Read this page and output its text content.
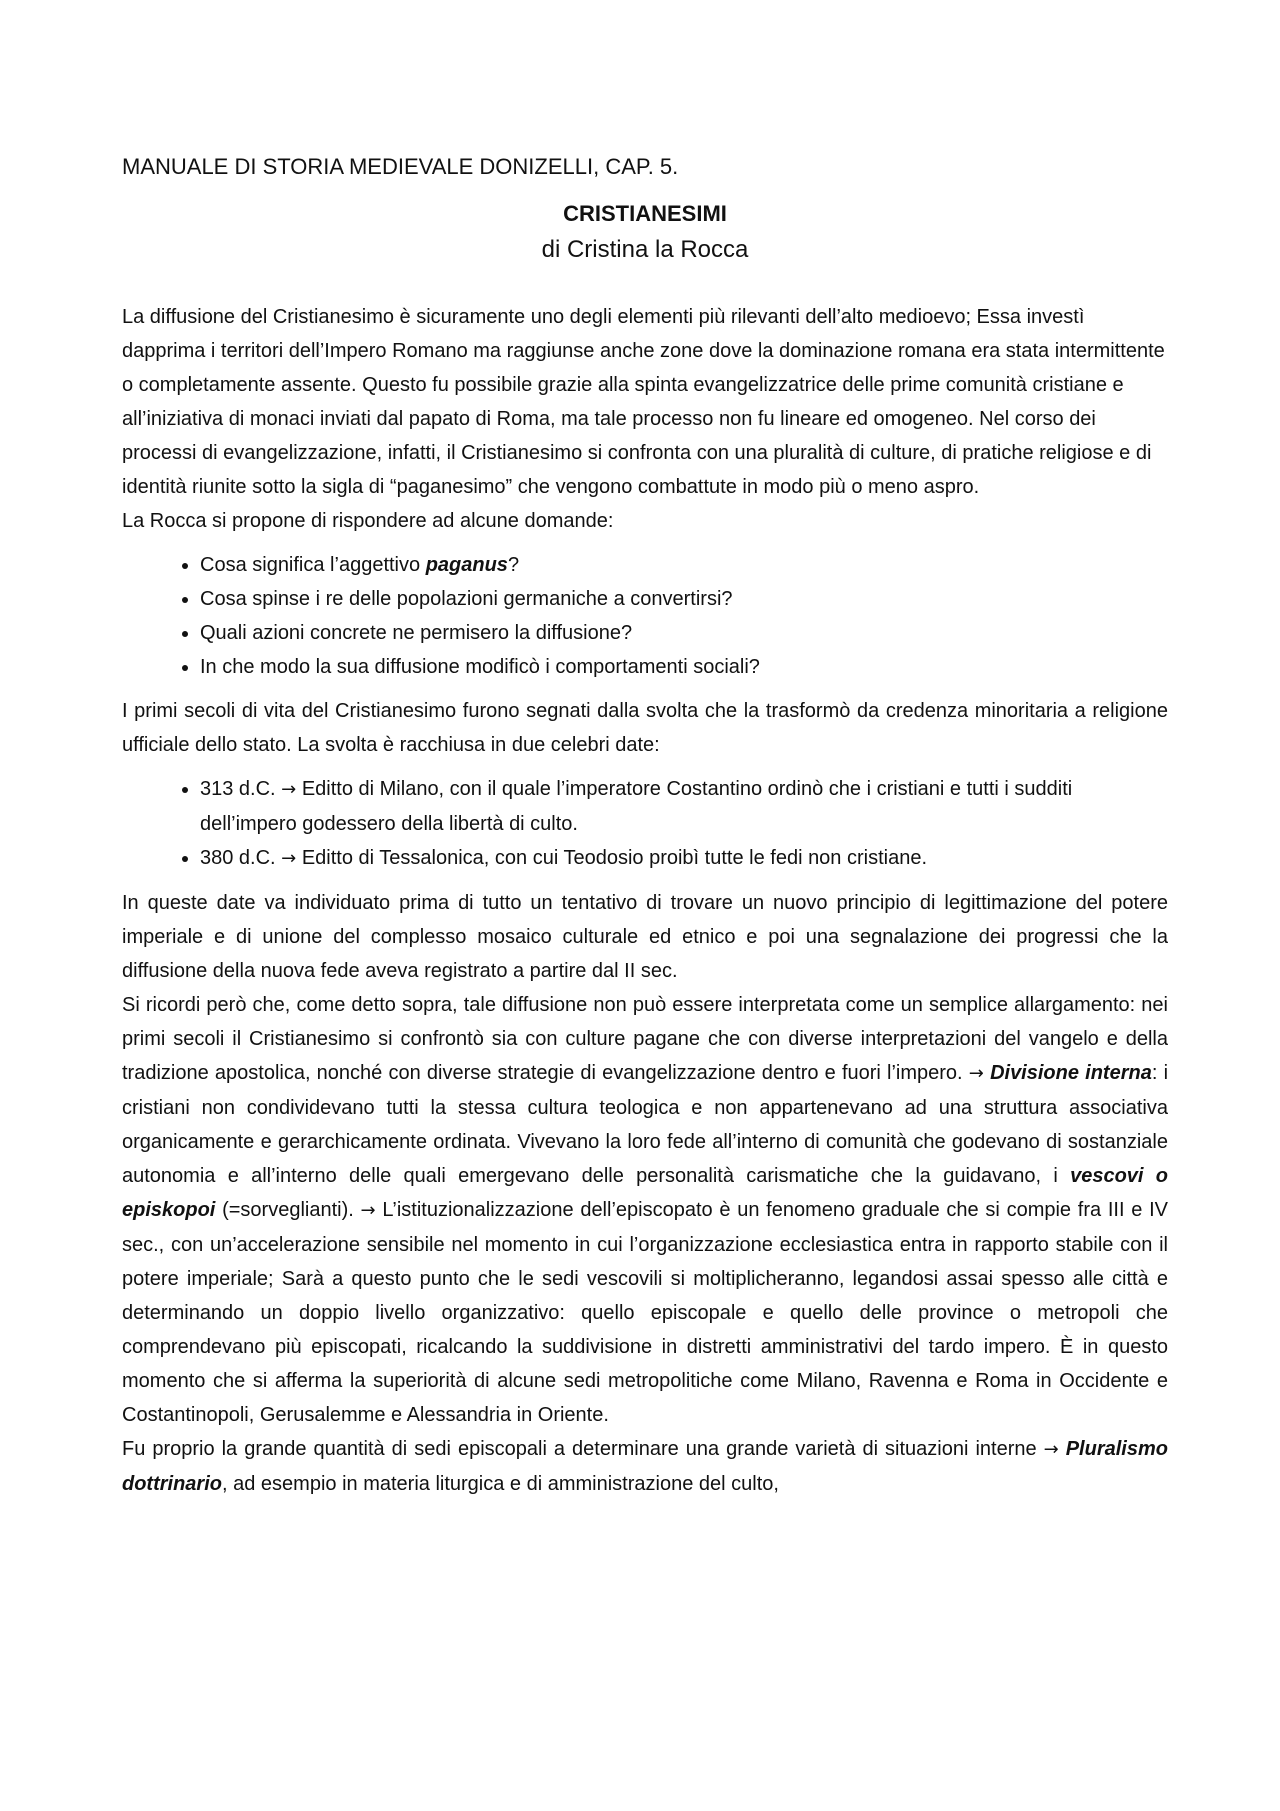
MANUALE DI STORIA MEDIEVALE DONIZELLI, CAP. 5.
CRISTIANESIMI
di Cristina la Rocca

La diffusione del Cristianesimo è sicuramente uno degli elementi più rilevanti dell’alto medioevo; Essa investì dapprima i territori dell’Impero Romano ma raggiunse anche zone dove la dominazione romana era stata intermittente o completamente assente. Questo fu possibile grazie alla spinta evangelizzatrice delle prime comunità cristiane e all’iniziativa di monaci inviati dal papato di Roma, ma tale processo non fu lineare ed omogeneo. Nel corso dei processi di evangelizzazione, infatti, il Cristianesimo si confronta con una pluralità di culture, di pratiche religiose e di identità riunite sotto la sigla di “paganesimo” che vengono combattute in modo più o meno aspro.
La Rocca si propone di rispondere ad alcune domande:

• Cosa significa l’aggettivo paganus?
• Cosa spinse i re delle popolazioni germaniche a convertirsi?
• Quali azioni concrete ne permisero la diffusione?
• In che modo la sua diffusione modificò i comportamenti sociali?

I primi secoli di vita del Cristianesimo furono segnati dalla svolta che la trasformò da credenza minoritaria a religione ufficiale dello stato. La svolta è racchiusa in due celebri date:

• 313 d.C. → Editto di Milano, con il quale l’imperatore Costantino ordinò che i cristiani e tutti i sudditi dell’impero godessero della libertà di culto.
• 380 d.C. → Editto di Tessalonica, con cui Teodosio proibì tutte le fedi non cristiane.

In queste date va individuato prima di tutto un tentativo di trovare un nuovo principio di legittimazione del potere imperiale e di unione del complesso mosaico culturale ed etnico e poi una segnalazione dei progressi che la diffusione della nuova fede aveva registrato a partire dal II sec.

Si ricordi però che, come detto sopra, tale diffusione non può essere interpretata come un semplice allargamento: nei primi secoli il Cristianesimo si confrontò sia con culture pagane che con diverse interpretazioni del vangelo e della tradizione apostolica, nonché con diverse strategie di evangelizzazione dentro e fuori l’impero. → Divisione interna: i cristiani non condividevano tutti la stessa cultura teologica e non appartenevano ad una struttura associativa organicamente e gerarchicamente ordinata. Vivevano la loro fede all’interno di comunità che godevano di sostanziale autonomia e all’interno delle quali emergevano delle personalità carismatiche che la guidavano, i vescovi o episkopoi (=sorveglianti). → L’istituzionalizzazione dell’episcopato è un fenomeno graduale che si compie fra III e IV sec., con un’accelerazione sensibile nel momento in cui l’organizzazione ecclesiastica entra in rapporto stabile con il potere imperiale; Sarà a questo punto che le sedi vescovili si moltiplicheranno, legandosi assai spesso alle città e determinando un doppio livello organizzativo: quello episcopale e quello delle province o metropoli che comprendevano più episcopati, ricalcando la suddivisione in distretti amministrativi del tardo impero. È in questo momento che si afferma la superiorità di alcune sedi metropolitiche come Milano, Ravenna e Roma in Occidente e Costantinopoli, Gerusalemme e Alessandria in Oriente.

Fu proprio la grande quantità di sedi episcopali a determinare una grande varietà di situazioni interne → Pluralismo dottrinario, ad esempio in materia liturgica e di amministrazione del culto,
